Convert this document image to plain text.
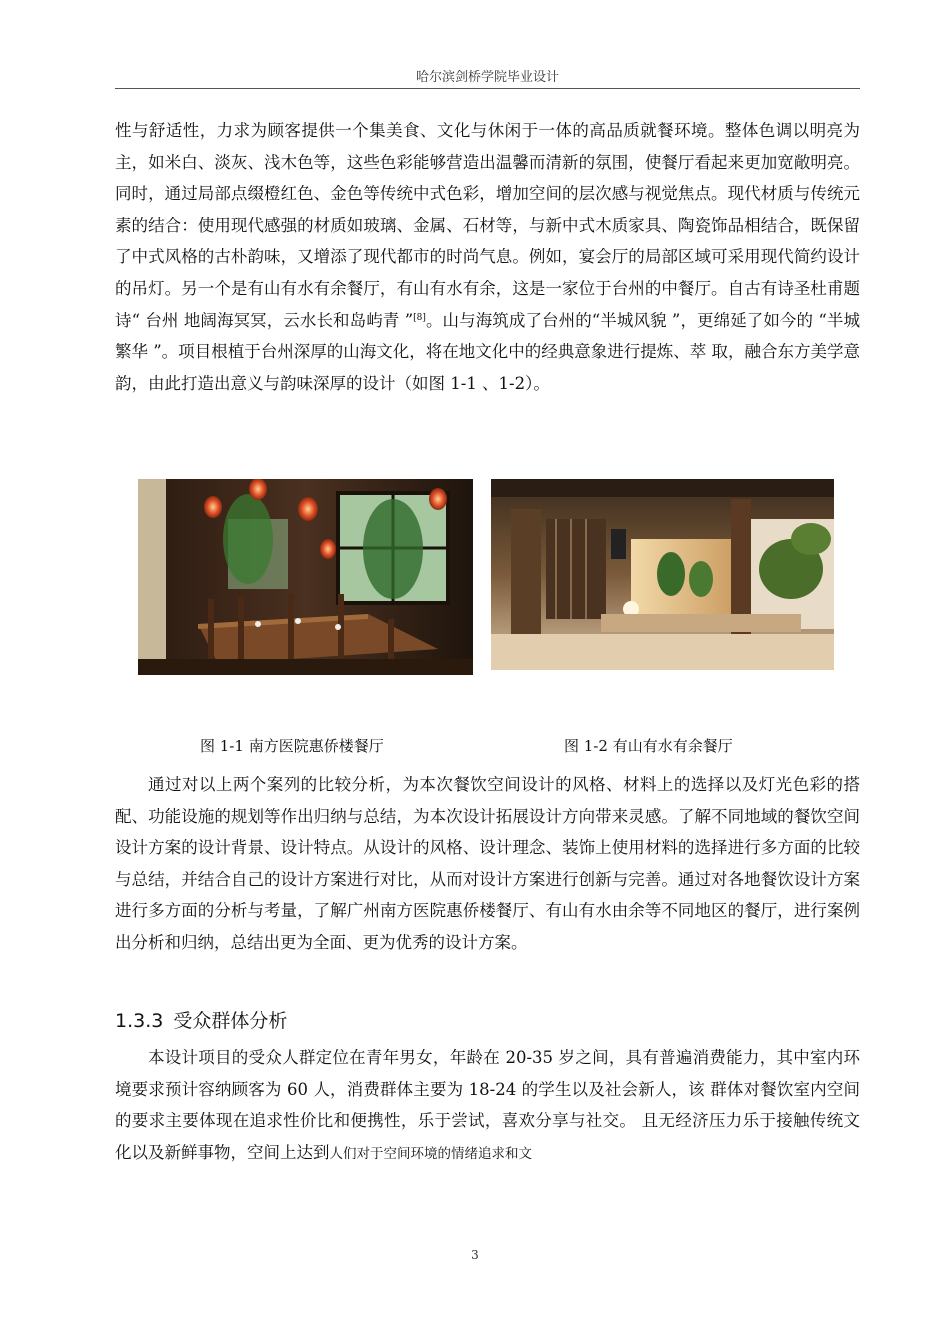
哈尔滨剑桥学院毕业设计

性与舒适性，力求为顾客提供一个集美食、文化与休闲于一体的高品质就餐环境。整体色调以明亮为主，如米白、淡灰、浅木色等，这些色彩能够营造出温馨而清新的氛围，使餐厅看起来更加宽敞明亮。同时，通过局部点缀橙红色、金色等传统中式色彩，增加空间的层次感与视觉焦点。现代材质与传统元素的结合：使用现代感强的材质如玻璃、金属、石材等，与新中式木质家具、陶瓷饰品相结合，既保留了中式风格的古朴韵味，又增添了现代都市的时尚气息。例如，宴会厅的局部区域可采用现代简约设计的吊灯。另一个是有山有水有余餐厅，有山有水有余，这是一家位于台州的中餐厅。自古有诗圣杜甫题诗“ 台州 地阔海冥冥，云水长和岛屿青 ”[8]。山与海筑成了台州的“半城风貌 ”，更绵延了如今的 “半城繁华 ”。项目根植于台州深厚的山海文化，将在地文化中的经典意象进行提炼、萃 取，融合东方美学意韵，由此打造出意义与韵味深厚的设计（如图 1-1 、1-2）。

图 1-1 南方医院惠侨楼餐厅	图 1-2 有山有水有余餐厅

通过对以上两个案列的比较分析，为本次餐饮空间设计的风格、材料上的选择以及灯光色彩的搭配、功能设施的规划等作出归纳与总结，为本次设计拓展设计方向带来灵感。了解不同地域的餐饮空间设计方案的设计背景、设计特点。从设计的风格、设计理念、装饰上使用材料的选择进行多方面的比较与总结，并结合自己的设计方案进行对比，从而对设计方案进行创新与完善。通过对各地餐饮设计方案进行多方面的分析与考量，了解广州南方医院惠侨楼餐厅、有山有水由余等不同地区的餐厅，进行案例出分析和归纳，总结出更为全面、更为优秀的设计方案。

1.3.3 受众群体分析

本设计项目的受众人群定位在青年男女，年龄在 20-35 岁之间，具有普遍消费能力，其中室内环境要求预计容纳顾客为 60 人，消费群体主要为 18-24 的学生以及社会新人，该 群体对餐饮室内空间的要求主要体现在追求性价比和便携性，乐于尝试，喜欢分享与社交。 且无经济压力乐于接触传统文化以及新鲜事物，空间上达到人们对于空间环境的情绪追求和文

3
